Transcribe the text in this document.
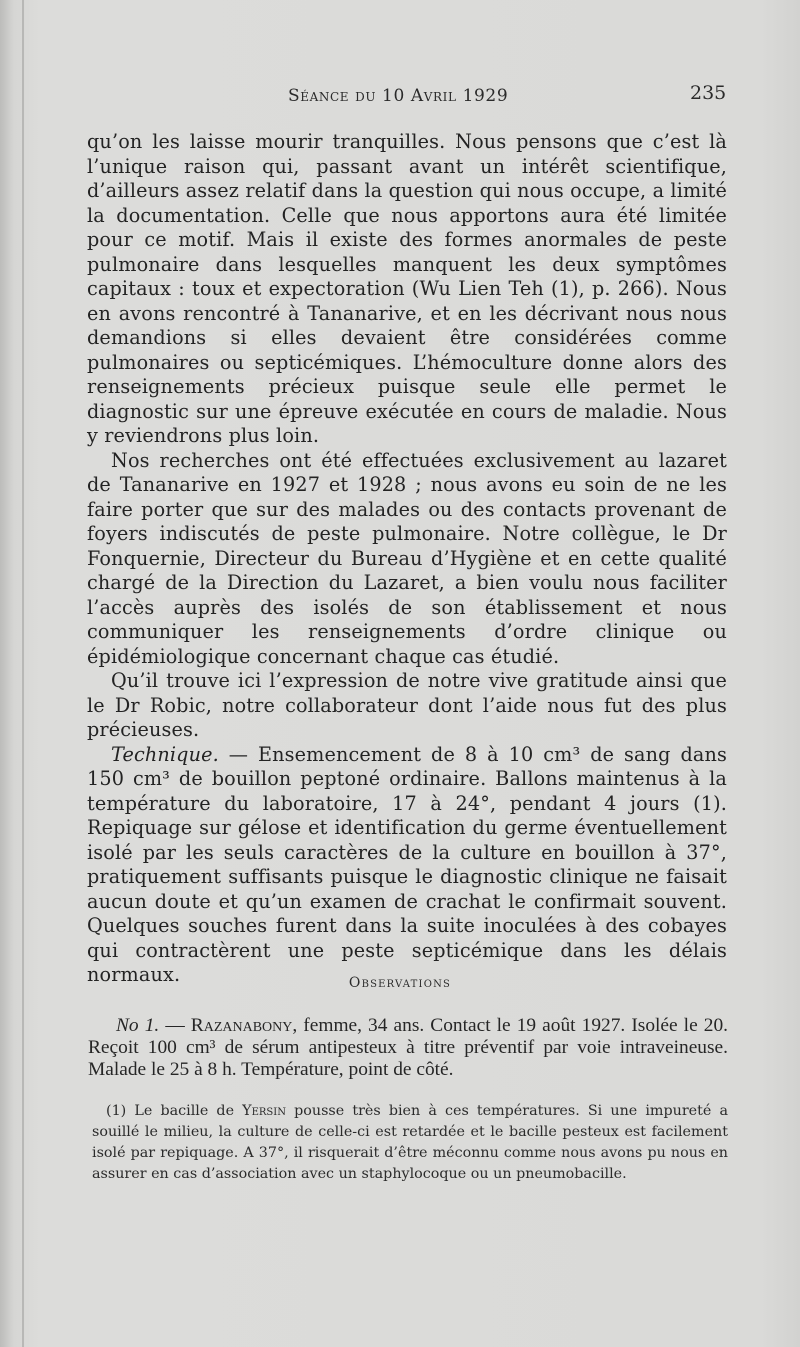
Séance du 10 Avril 1929	235

qu’on les laisse mourir tranquilles. Nous pensons que c’est là l’unique raison qui, passant avant un intérêt scientifique, d’ailleurs assez relatif dans la question qui nous occupe, a limité la documentation. Celle que nous apportons aura été limitée pour ce motif. Mais il existe des formes anormales de peste pulmonaire dans lesquelles manquent les deux symptômes capitaux : toux et expectoration (Wu Lien Teh (1), p. 266). Nous en avons rencontré à Tananarive, et en les décrivant nous nous demandions si elles devaient être considérées comme pulmonaires ou septicémiques. L’hémoculture donne alors des renseignements précieux puisque seule elle permet le diagnostic sur une épreuve exécutée en cours de maladie. Nous y reviendrons plus loin.

Nos recherches ont été effectuées exclusivement au lazaret de Tananarive en 1927 et 1928 ; nous avons eu soin de ne les faire porter que sur des malades ou des contacts provenant de foyers indiscutés de peste pulmonaire. Notre collègue, le Dr Fonquernie, Directeur du Bureau d’Hygiène et en cette qualité chargé de la Direction du Lazaret, a bien voulu nous faciliter l’accès auprès des isolés de son établissement et nous communiquer les renseignements d’ordre clinique ou épidémiologique concernant chaque cas étudié.

Qu’il trouve ici l’expression de notre vive gratitude ainsi que le Dr Robic, notre collaborateur dont l’aide nous fut des plus précieuses.

Technique. — Ensemencement de 8 à 10 cm³ de sang dans 150 cm³ de bouillon peptoné ordinaire. Ballons maintenus à la température du laboratoire, 17 à 24°, pendant 4 jours (1). Repiquage sur gélose et identification du germe éventuellement isolé par les seuls caractères de la culture en bouillon à 37°, pratiquement suffisants puisque le diagnostic clinique ne faisait aucun doute et qu’un examen de crachat le confirmait souvent. Quelques souches furent dans la suite inoculées à des cobayes qui contractèrent une peste septicémique dans les délais normaux.	Observations

No 1. — Razanabony, femme, 34 ans. Contact le 19 août 1927. Isolée le 20. Reçoit 100 cm³ de sérum antipesteux à titre préventif par voie intraveineuse. Malade le 25 à 8 h. Température, point de côté.

(1) Le bacille de Yersin pousse très bien à ces températures. Si une impureté a souillé le milieu, la culture de celle-ci est retardée et le bacille pesteux est facilement isolé par repiquage. A 37°, il risquerait d’être méconnu comme nous avons pu nous en assurer en cas d’association avec un staphylocoque ou un pneumobacille.
